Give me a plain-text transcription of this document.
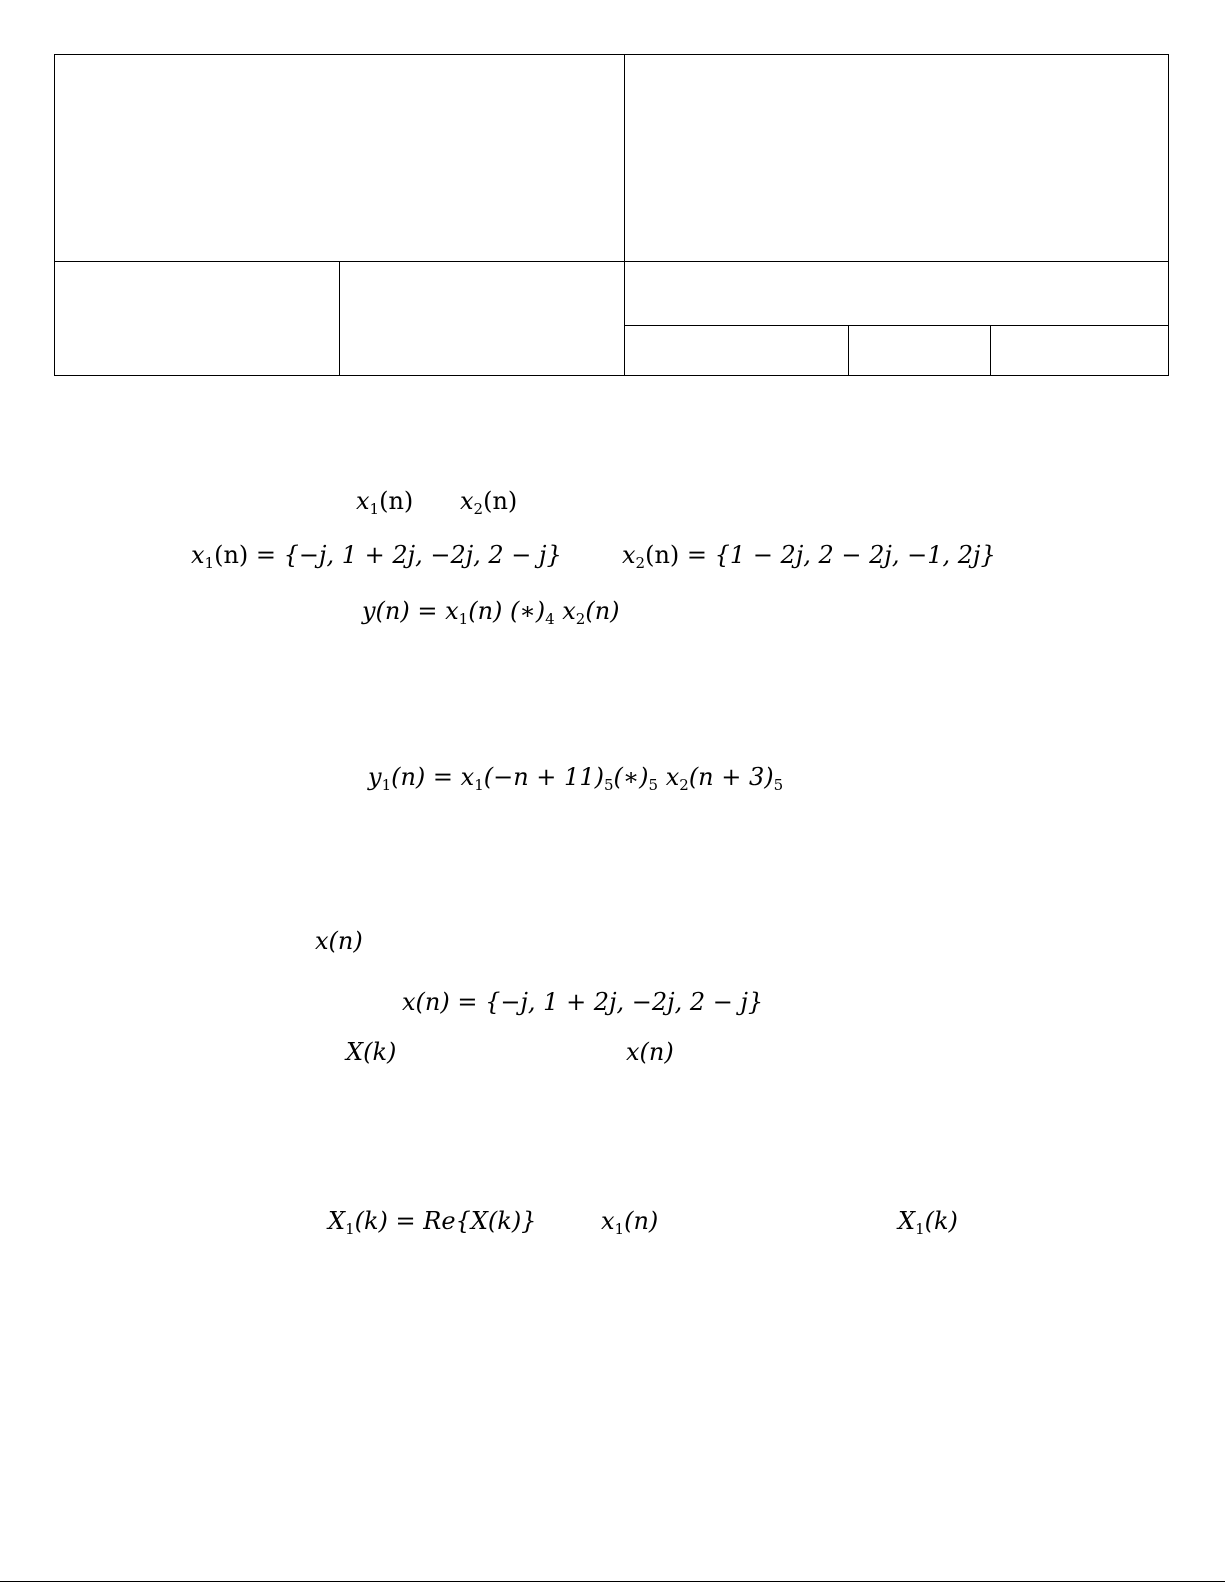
$x_1(n)$ $x_2(n)$
$x_1(n) = \{-j$, 1 + 2j, −2j, 2 − j}	$x_2(n) = \{1 - 2j$, 2 − 2j, −1, 2j}
$y(n) = x_1(n)$ $(∗)_4$ $x_2(n)$
$y_1(n) = x_1(-n$ + $11)_5(∗)_5$ $x_2(n + 3)_5$
x(n)
x(n) = {−j, 1 + 2j, −2j, 2 − j}
X(k)	x(n)
$X_1(k) = Re\{X(k)\}$	$x_1(n)$	$X_1(k)$
